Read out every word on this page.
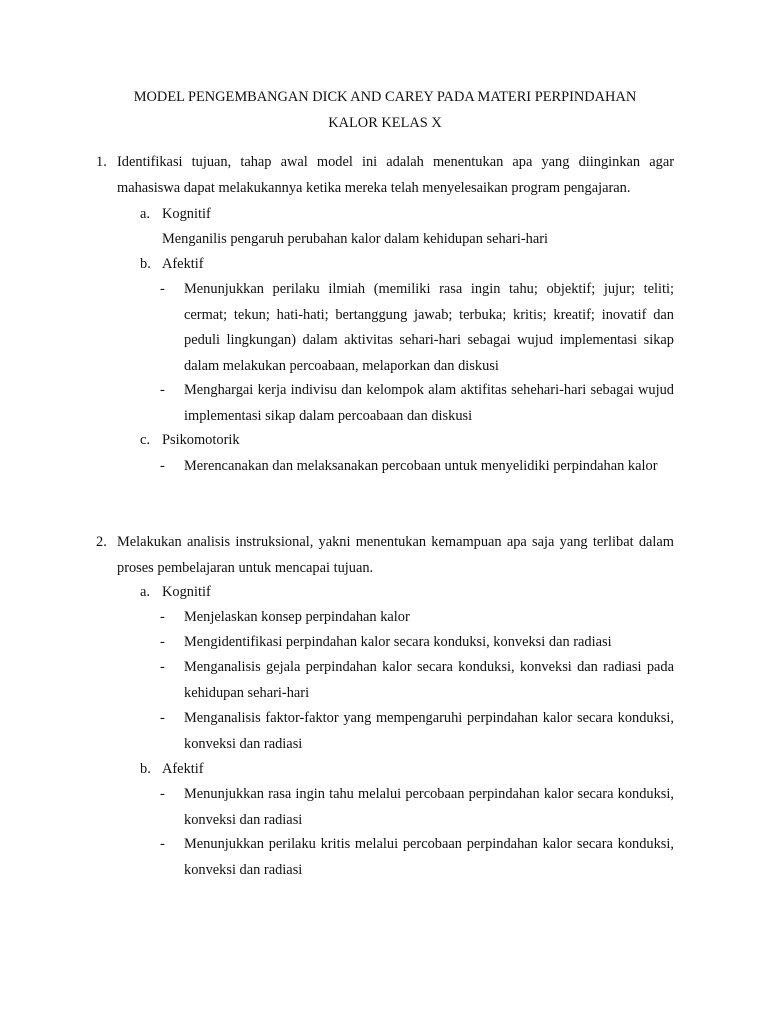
MODEL PENGEMBANGAN DICK AND CAREY PADA MATERI PERPINDAHAN
KALOR KELAS X
1. Identifikasi tujuan, tahap awal model ini adalah menentukan apa yang diinginkan agar mahasiswa dapat melakukannya ketika mereka telah menyelesaikan program pengajaran.
a. Kognitif
Menganilis pengaruh perubahan kalor dalam kehidupan sehari-hari
b. Afektif
- Menunjukkan perilaku ilmiah (memiliki rasa ingin tahu; objektif; jujur; teliti; cermat; tekun; hati-hati; bertanggung jawab; terbuka; kritis; kreatif; inovatif dan peduli lingkungan) dalam aktivitas sehari-hari sebagai wujud implementasi sikap dalam melakukan percoabaan, melaporkan dan diskusi
- Menghargai kerja indivisu dan kelompok alam aktifitas sehehari-hari sebagai wujud implementasi sikap dalam percoabaan dan diskusi
c. Psikomotorik
- Merencanakan dan melaksanakan percobaan untuk menyelidiki perpindahan kalor
2. Melakukan analisis instruksional, yakni menentukan kemampuan apa saja yang terlibat dalam proses pembelajaran untuk mencapai tujuan.
a. Kognitif
- Menjelaskan konsep perpindahan kalor
- Mengidentifikasi perpindahan kalor secara konduksi, konveksi dan radiasi
- Menganalisis gejala perpindahan kalor secara konduksi, konveksi dan radiasi pada kehidupan sehari-hari
- Menganalisis faktor-faktor yang mempengaruhi perpindahan kalor secara konduksi, konveksi dan radiasi
b. Afektif
- Menunjukkan rasa ingin tahu melalui percobaan perpindahan kalor secara konduksi, konveksi dan radiasi
- Menunjukkan perilaku kritis melalui percobaan perpindahan kalor secara konduksi, konveksi dan radiasi
